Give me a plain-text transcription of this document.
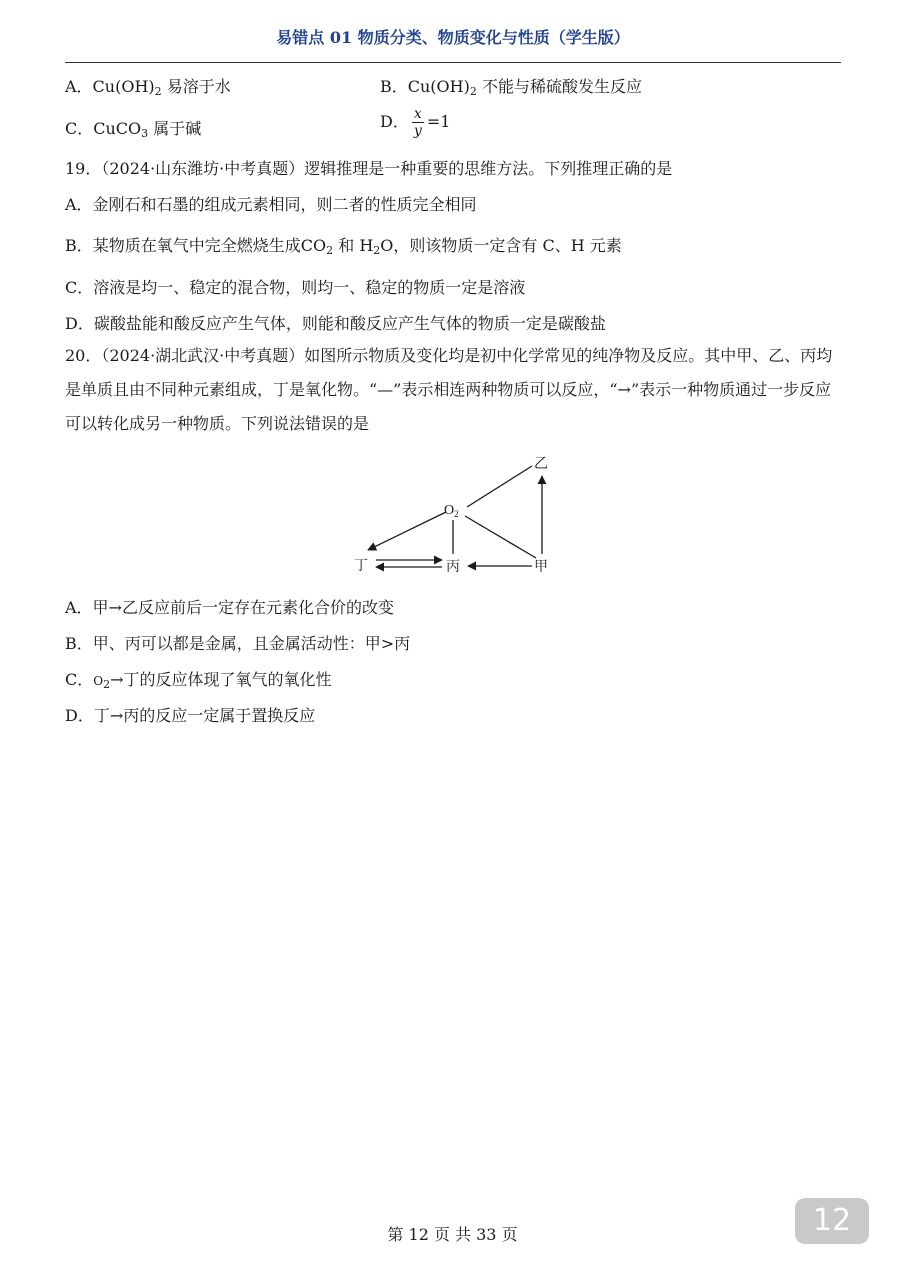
易错点 01 物质分类、物质变化与性质（学生版）
A．$Cu(OH)_2$ 易溶于水	B．$Cu(OH)_2$ 不能与稀硫酸发生反应
C．CuCO$_3$ 属于碱	D． $\frac{x}{y} =1$
19．（2024·山东潍坊·中考真题）逻辑推理是一种重要的思维方法。下列推理正确的是
A．金刚石和石墨的组成元素相同，则二者的性质完全相同
B．某物质在氧气中完全燃烧生成$CO_2$ 和 $H_2O$，则该物质一定含有 C、H 元素
C．溶液是均一、稳定的混合物，则均一、稳定的物质一定是溶液
D．碳酸盐能和酸反应产生气体，则能和酸反应产生气体的物质一定是碳酸盐
20．（2024·湖北武汉·中考真题）如图所示物质及变化均是初中化学常见的纯净物及反应。其中甲、乙、丙均是单质且由不同种元素组成，丁是氧化物。“—”表示相连两种物质可以反应，“→”表示一种物质通过一步反应可以转化成另一种物质。下列说法错误的是
$O_2$
乙
丁	丙	甲
A．甲→乙反应前后一定存在元素化合价的改变
B．甲、丙可以都是金属，且金属活动性：甲>丙
C．$O_2\to$丁的反应体现了氧气的氧化性
D．丁→丙的反应一定属于置换反应
12
第 12 页 共 33 页
